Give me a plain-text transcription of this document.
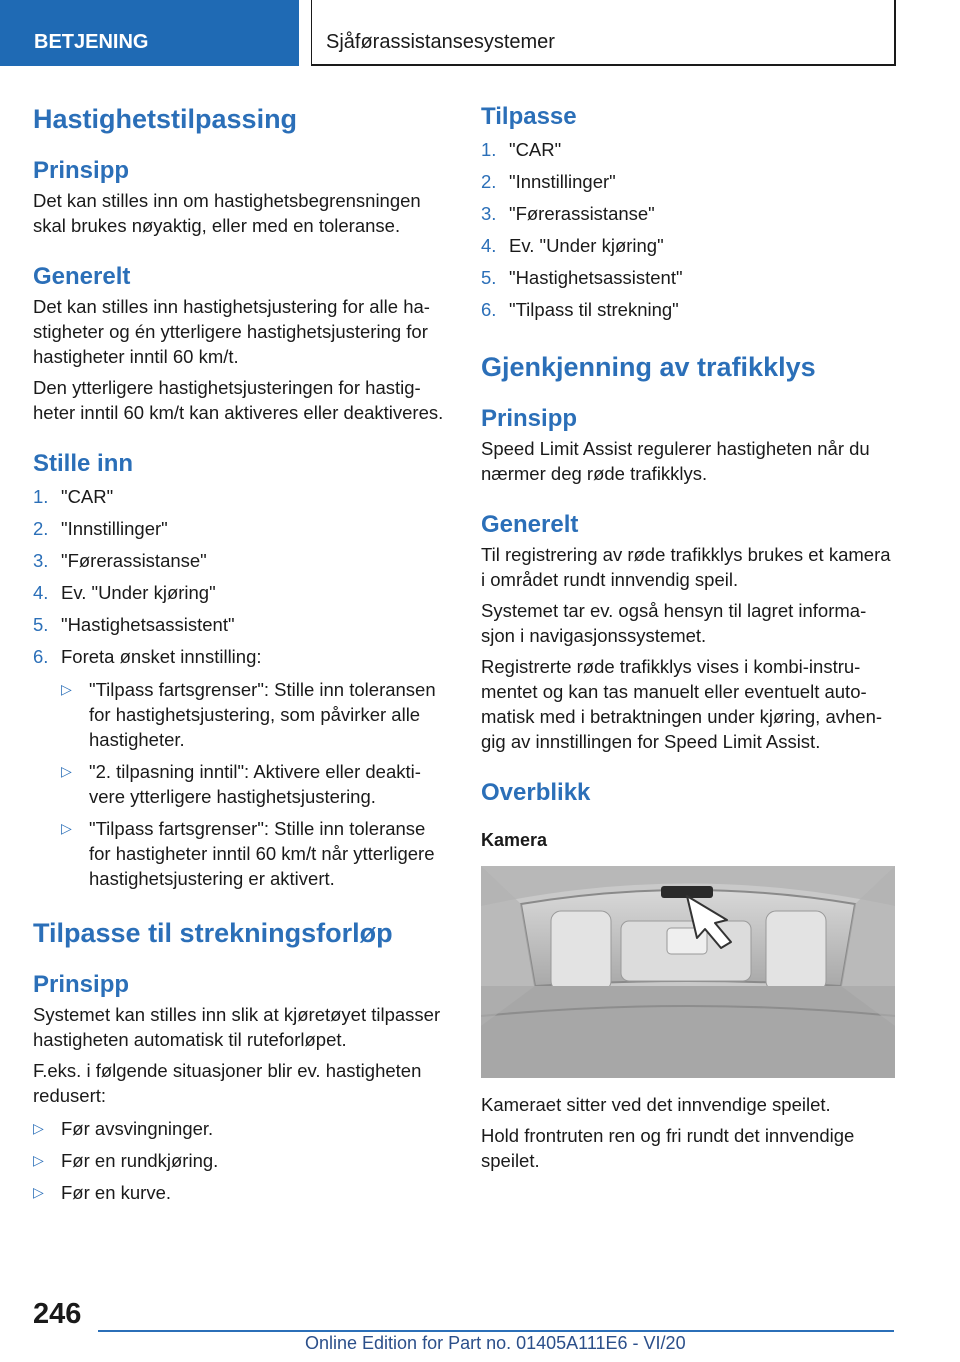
BETJENING	Sjåførassistansesystemer
Hastighetstilpassing
Prinsipp

Det kan stilles inn om hastighetsbegrensningen skal brukes nøyaktig, eller med en toleranse.

Generelt

Det kan stilles inn hastighetsjustering for alle hastigheter og én ytterligere hastighetsjustering for hastigheter inntil 60 km/t.

Den ytterligere hastighetsjusteringen for hastigheter inntil 60 km/t kan aktiveres eller deaktiveres.

Stille inn
1. "CAR"
2. "Innstillinger"
3. "Førerassistanse"
4. Ev. "Under kjøring"
5. "Hastighetsassistent"
6. Foreta ønsket innstilling:
▷ "Tilpass fartsgrenser": Stille inn toleransen for hastighetsjustering, som påvirker alle hastigheter.
▷ "2. tilpasning inntil": Aktivere eller deaktivere ytterligere hastighetsjustering.
▷ "Tilpass fartsgrenser": Stille inn toleranse for hastigheter inntil 60 km/t når ytterligere hastighetsjustering er aktivert.
Tilpasse til strekningsforløp
Prinsipp

Systemet kan stilles inn slik at kjøretøyet tilpasser hastigheten automatisk til ruteforløpet.

F.eks. i følgende situasjoner blir ev. hastigheten redusert:

▷ Før avsvingninger.
▷ Før en rundkjøring.
▷ Før en kurve.
Tilpasse
1. "CAR"
2. "Innstillinger"
3. "Førerassistanse"
4. Ev. "Under kjøring"
5. "Hastighetsassistent"
6. "Tilpass til strekning"
Gjenkjenning av trafikklys
Prinsipp

Speed Limit Assist regulerer hastigheten når du nærmer deg røde trafikklys.

Generelt

Til registrering av røde trafikklys brukes et kamera i området rundt innvendig speil.

Systemet tar ev. også hensyn til lagret informasjon i navigasjonssystemet.

Registrerte røde trafikklys vises i kombi-instrumentet og kan tas manuelt eller eventuelt automatisk med i betraktningen under kjøring, avhengig av innstillingen for Speed Limit Assist.

Overblikk
Kamera

Kameraet sitter ved det innvendige speilet.

Hold frontruten ren og fri rundt det innvendige speilet.

246
Online Edition for Part no. 01405A111E6 - VI/20
